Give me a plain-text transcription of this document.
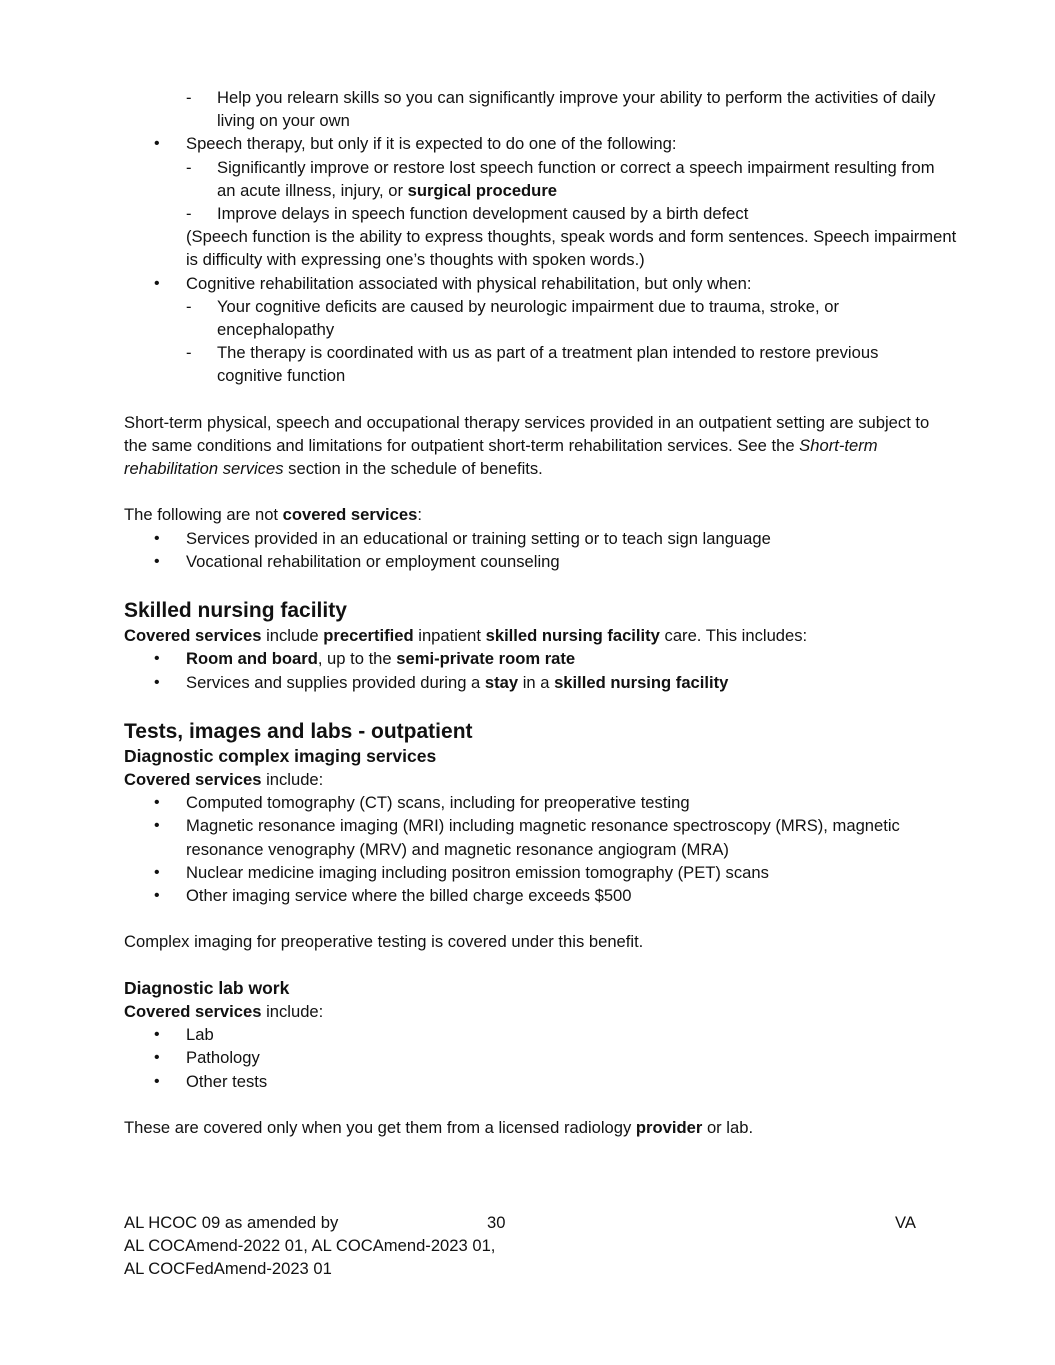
- Help you relearn skills so you can significantly improve your ability to perform the activities of daily
living on your own
• Speech therapy, but only if it is expected to do one of the following:
- Significantly improve or restore lost speech function or correct a speech impairment resulting from
an acute illness, injury, or surgical procedure
- Improve delays in speech function development caused by a birth defect
(Speech function is the ability to express thoughts, speak words and form sentences. Speech impairment
is difficulty with expressing one’s thoughts with spoken words.)
• Cognitive rehabilitation associated with physical rehabilitation, but only when:
- Your cognitive deficits are caused by neurologic impairment due to trauma, stroke, or
encephalopathy
- The therapy is coordinated with us as part of a treatment plan intended to restore previous
cognitive function
Short-term physical, speech and occupational therapy services provided in an outpatient setting are subject to
the same conditions and limitations for outpatient short-term rehabilitation services. See the Short-term
rehabilitation services section in the schedule of benefits.
The following are not covered services:
• Services provided in an educational or training setting or to teach sign language
• Vocational rehabilitation or employment counseling
Skilled nursing facility
Covered services include precertified inpatient skilled nursing facility care. This includes:
• Room and board, up to the semi-private room rate
• Services and supplies provided during a stay in a skilled nursing facility
Tests, images and labs - outpatient
Diagnostic complex imaging services
Covered services include:
• Computed tomography (CT) scans, including for preoperative testing
• Magnetic resonance imaging (MRI) including magnetic resonance spectroscopy (MRS), magnetic
resonance venography (MRV) and magnetic resonance angiogram (MRA)
• Nuclear medicine imaging including positron emission tomography (PET) scans
• Other imaging service where the billed charge exceeds $500
Complex imaging for preoperative testing is covered under this benefit.
Diagnostic lab work
Covered services include:
• Lab
• Pathology
• Other tests
These are covered only when you get them from a licensed radiology provider or lab.
AL HCOC 09 as amended by	30	VA
AL COCAmend-2022 01, AL COCAmend-2023 01,
AL COCFedAmend-2023 01
